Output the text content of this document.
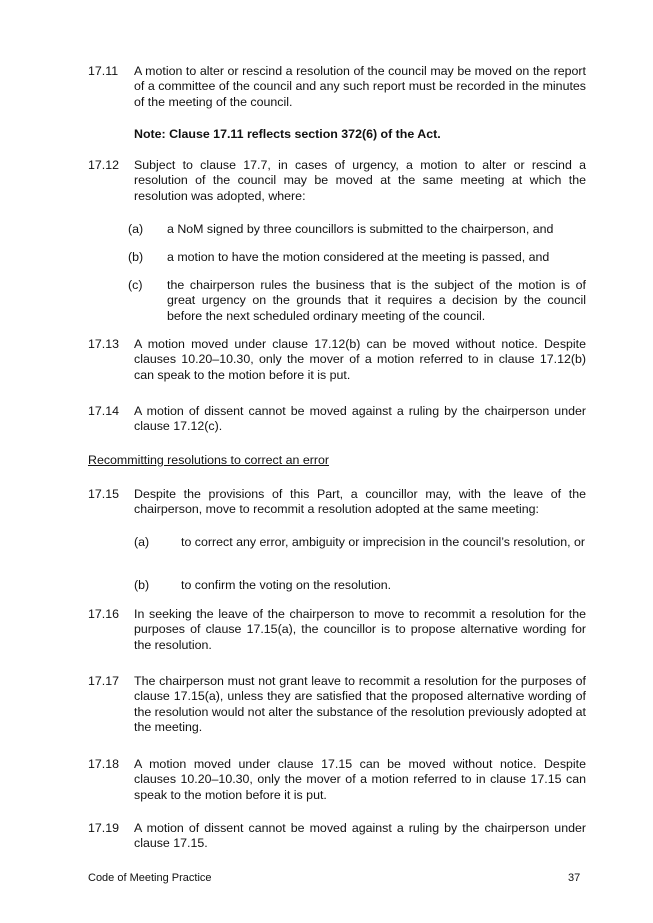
17.11	A motion to alter or rescind a resolution of the council may be moved on the report of a committee of the council and any such report must be recorded in the minutes of the meeting of the council.
Note: Clause 17.11 reflects section 372(6) of the Act.
17.12	Subject to clause 17.7, in cases of urgency, a motion to alter or rescind a resolution of the council may be moved at the same meeting at which the resolution was adopted, where:
(a)	a NoM signed by three councillors is submitted to the chairperson, and
(b)	a motion to have the motion considered at the meeting is passed, and
(c)	the chairperson rules the business that is the subject of the motion is of great urgency on the grounds that it requires a decision by the council before the next scheduled ordinary meeting of the council.
17.13	A motion moved under clause 17.12(b) can be moved without notice. Despite clauses 10.20–10.30, only the mover of a motion referred to in clause 17.12(b) can speak to the motion before it is put.
17.14	A motion of dissent cannot be moved against a ruling by the chairperson under clause 17.12(c).
Recommitting resolutions to correct an error
17.15	Despite the provisions of this Part, a councillor may, with the leave of the chairperson, move to recommit a resolution adopted at the same meeting:
(a)	to correct any error, ambiguity or imprecision in the council’s resolution, or
(b)	to confirm the voting on the resolution.
17.16	In seeking the leave of the chairperson to move to recommit a resolution for the purposes of clause 17.15(a), the councillor is to propose alternative wording for the resolution.
17.17	The chairperson must not grant leave to recommit a resolution for the purposes of clause 17.15(a), unless they are satisfied that the proposed alternative wording of the resolution would not alter the substance of the resolution previously adopted at the meeting.
17.18	A motion moved under clause 17.15 can be moved without notice. Despite clauses 10.20–10.30, only the mover of a motion referred to in clause 17.15 can speak to the motion before it is put.
17.19	A motion of dissent cannot be moved against a ruling by the chairperson under clause 17.15.
Code of Meeting Practice	37
